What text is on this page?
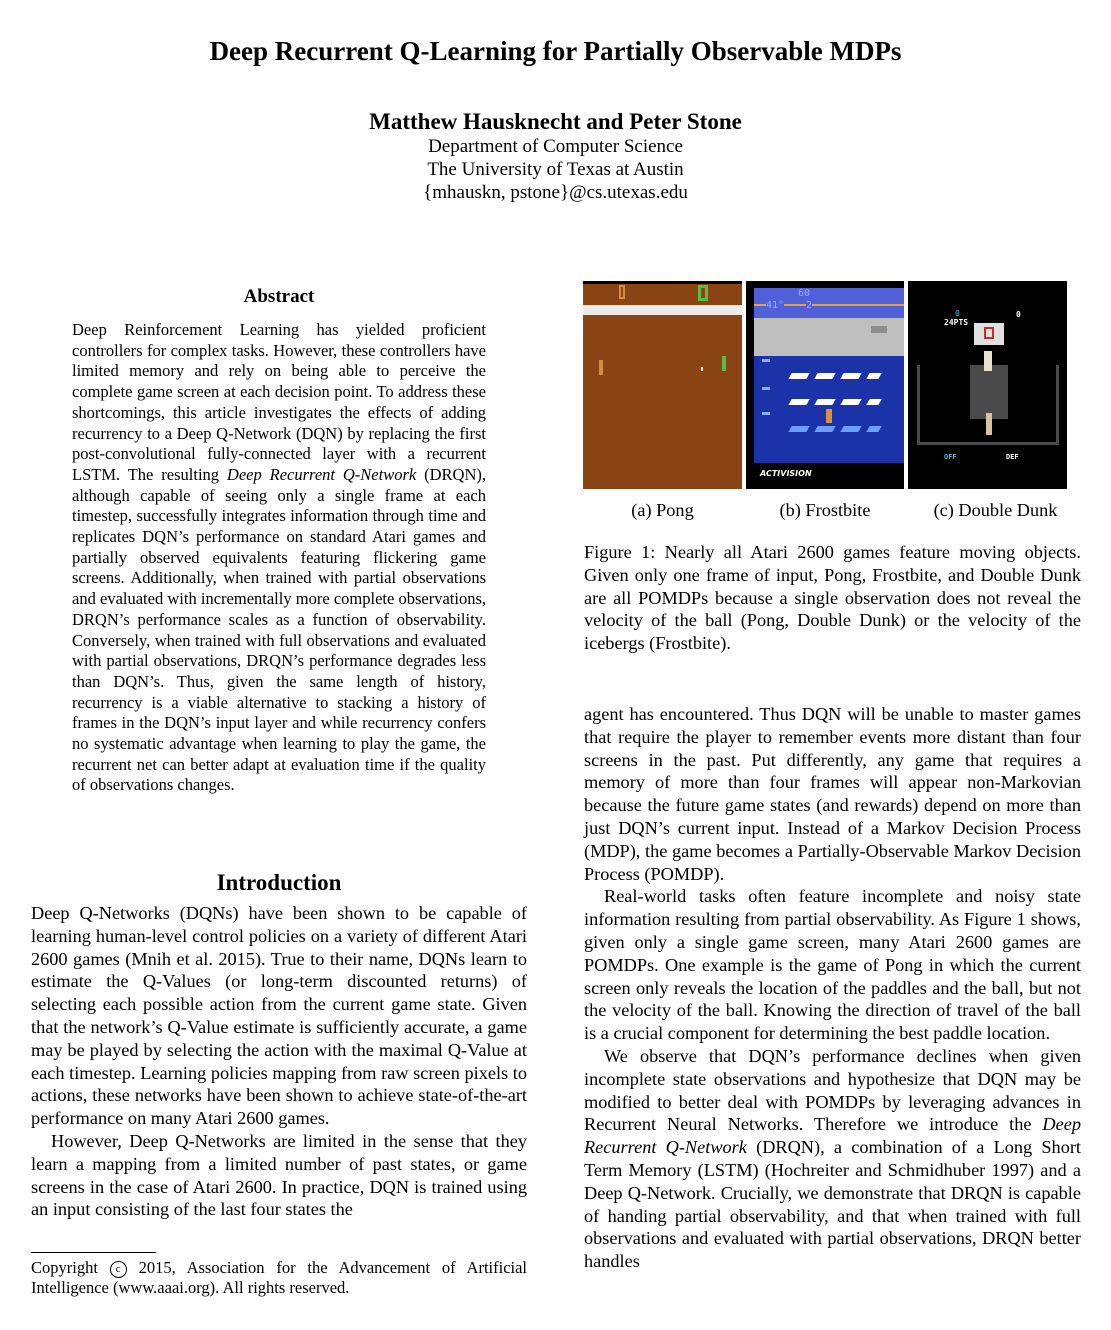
Deep Recurrent Q-Learning for Partially Observable MDPs
Matthew Hausknecht and Peter Stone
Department of Computer Science
The University of Texas at Austin
{mhauskn, pstone}@cs.utexas.edu
Abstract
Deep Reinforcement Learning has yielded proficient controllers for complex tasks. However, these controllers have limited memory and rely on being able to perceive the complete game screen at each decision point. To address these shortcomings, this article investigates the effects of adding recurrency to a Deep Q-Network (DQN) by replacing the first post-convolutional fully-connected layer with a recurrent LSTM. The resulting Deep Recurrent Q-Network (DRQN), although capable of seeing only a single frame at each timestep, successfully integrates information through time and replicates DQN’s performance on standard Atari games and partially observed equivalents featuring flickering game screens. Additionally, when trained with partial observations and evaluated with incrementally more complete observations, DRQN’s performance scales as a function of observability. Conversely, when trained with full observations and evaluated with partial observations, DRQN’s performance degrades less than DQN’s. Thus, given the same length of history, recurrency is a viable alternative to stacking a history of frames in the DQN’s input layer and while recurrency confers no systematic advantage when learning to play the game, the recurrent net can better adapt at evaluation time if the quality of observations changes.
Introduction

Deep Q-Networks (DQNs) have been shown to be capable of learning human-level control policies on a variety of different Atari 2600 games (Mnih et al. 2015). True to their name, DQNs learn to estimate the Q-Values (or long-term discounted returns) of selecting each possible action from the current game state. Given that the network’s Q-Value estimate is sufficiently accurate, a game may be played by selecting the action with the maximal Q-Value at each timestep. Learning policies mapping from raw screen pixels to actions, these networks have been shown to achieve state-of-the-art performance on many Atari 2600 games.

However, Deep Q-Networks are limited in the sense that they learn a mapping from a limited number of past states, or game screens in the case of Atari 2600. In practice, DQN is trained using an input consisting of the last four states the

Copyright c 2015, Association for the Advancement of Artificial Intelligence (www.aaai.org). All rights reserved.
60
41° 2
ACTIVISION
24PTS
0	0
OFF	DEF
(a) Pong	(b) Frostbite	(c) Double Dunk
Figure 1: Nearly all Atari 2600 games feature moving objects. Given only one frame of input, Pong, Frostbite, and Double Dunk are all POMDPs because a single observation does not reveal the velocity of the ball (Pong, Double Dunk) or the velocity of the icebergs (Frostbite).

agent has encountered. Thus DQN will be unable to master games that require the player to remember events more distant than four screens in the past. Put differently, any game that requires a memory of more than four frames will appear non-Markovian because the future game states (and rewards) depend on more than just DQN’s current input. Instead of a Markov Decision Process (MDP), the game becomes a Partially-Observable Markov Decision Process (POMDP).

Real-world tasks often feature incomplete and noisy state information resulting from partial observability. As Figure 1 shows, given only a single game screen, many Atari 2600 games are POMDPs. One example is the game of Pong in which the current screen only reveals the location of the paddles and the ball, but not the velocity of the ball. Knowing the direction of travel of the ball is a crucial component for determining the best paddle location.

We observe that DQN’s performance declines when given incomplete state observations and hypothesize that DQN may be modified to better deal with POMDPs by leveraging advances in Recurrent Neural Networks. Therefore we introduce the Deep Recurrent Q-Network (DRQN), a combination of a Long Short Term Memory (LSTM) (Hochreiter and Schmidhuber 1997) and a Deep Q-Network. Crucially, we demonstrate that DRQN is capable of handing partial observability, and that when trained with full observations and evaluated with partial observations, DRQN better handles
